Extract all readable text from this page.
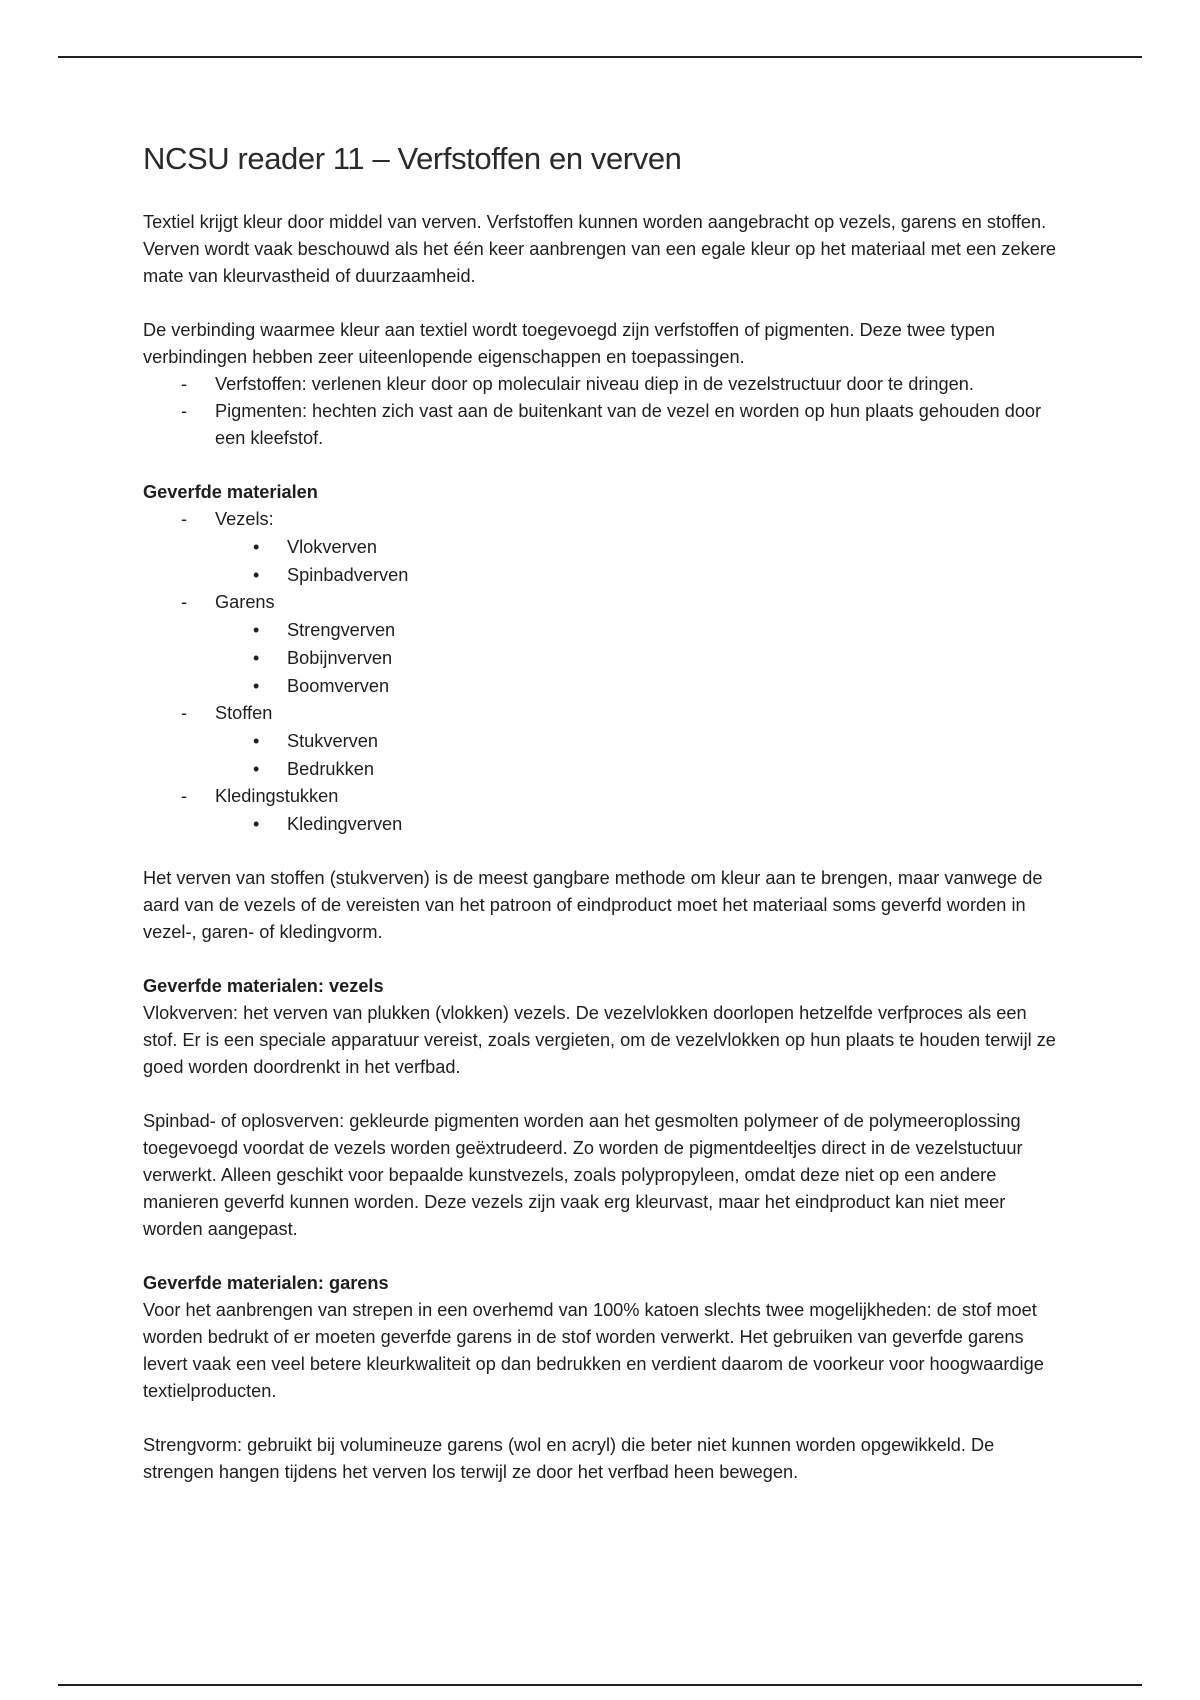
NCSU reader 11 – Verfstoffen en verven

Textiel krijgt kleur door middel van verven. Verfstoffen kunnen worden aangebracht op vezels, garens en stoffen. Verven wordt vaak beschouwd als het één keer aanbrengen van een egale kleur op het materiaal met een zekere mate van kleurvastheid of duurzaamheid.

De verbinding waarmee kleur aan textiel wordt toegevoegd zijn verfstoffen of pigmenten. Deze twee typen verbindingen hebben zeer uiteenlopende eigenschappen en toepassingen.

- Verfstoffen: verlenen kleur door op moleculair niveau diep in de vezelstructuur door te dringen.
- Pigmenten: hechten zich vast aan de buitenkant van de vezel en worden op hun plaats gehouden door een kleefstof.

Geverfde materialen

- Vezels:
• Vlokverven
• Spinbadverven
- Garens
• Strengverven
• Bobijnverven
• Boomverven
- Stoffen
• Stukverven
• Bedrukken
- Kledingstukken
• Kledingverven

Het verven van stoffen (stukverven) is de meest gangbare methode om kleur aan te brengen, maar vanwege de aard van de vezels of de vereisten van het patroon of eindproduct moet het materiaal soms geverfd worden in vezel-, garen- of kledingvorm.

Geverfde materialen: vezels

Vlokverven: het verven van plukken (vlokken) vezels. De vezelvlokken doorlopen hetzelfde verfproces als een stof. Er is een speciale apparatuur vereist, zoals vergieten, om de vezelvlokken op hun plaats te houden terwijl ze goed worden doordrenkt in het verfbad.

Spinbad- of oplosverven: gekleurde pigmenten worden aan het gesmolten polymeer of de polymeeroplossing toegevoegd voordat de vezels worden geëxtrudeerd. Zo worden de pigmentdeeltjes direct in de vezelstuctuur verwerkt. Alleen geschikt voor bepaalde kunstvezels, zoals polypropyleen, omdat deze niet op een andere manieren geverfd kunnen worden. Deze vezels zijn vaak erg kleurvast, maar het eindproduct kan niet meer worden aangepast.

Geverfde materialen: garens

Voor het aanbrengen van strepen in een overhemd van 100% katoen slechts twee mogelijkheden: de stof moet worden bedrukt of er moeten geverfde garens in de stof worden verwerkt. Het gebruiken van geverfde garens levert vaak een veel betere kleurkwaliteit op dan bedrukken en verdient daarom de voorkeur voor hoogwaardige textielproducten.

Strengvorm: gebruikt bij volumineuze garens (wol en acryl) die beter niet kunnen worden opgewikkeld. De strengen hangen tijdens het verven los terwijl ze door het verfbad heen bewegen.
